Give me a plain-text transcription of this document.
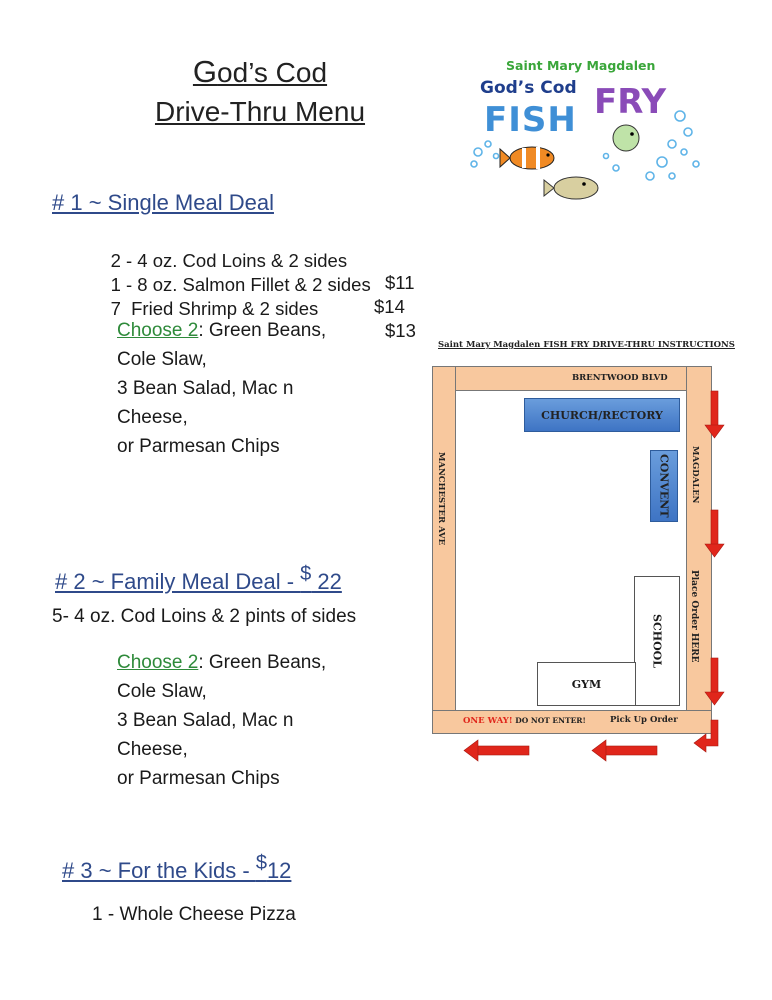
God’s Cod
Drive-Thru Menu
Saint Mary Magdalen
God’s Cod
FISH FRY
# 1 ~ Single Meal Deal

2 - 4 oz. Cod Loins & 2 sides

$11

1 - 8 oz. Salmon Fillet & 2 sides

$14

7  Fried Shrimp & 2 sides

$13

Choose 2: Green Beans,
Cole Slaw,
3 Bean Salad, Mac n
Cheese,
or Parmesan Chips
# 2 ~ Family Meal Deal - $ 22
5- 4 oz. Cod Loins & 2 pints of sides
Choose 2: Green Beans,
Cole Slaw,
3 Bean Salad, Mac n
Cheese,
or Parmesan Chips
# 3 ~ For the Kids - $12
1 - Whole Cheese Pizza
Saint Mary Magdalen FISH FRY DRIVE-THRU INSTRUCTIONS
BRENTWOOD BLVD
MANCHESTER AVE	MAGDALEN
Place Order HERE
CHURCH/RECTORY
CONVENT
SCHOOL
GYM
ONE WAY! DO NOT ENTER!	Pick Up Order
